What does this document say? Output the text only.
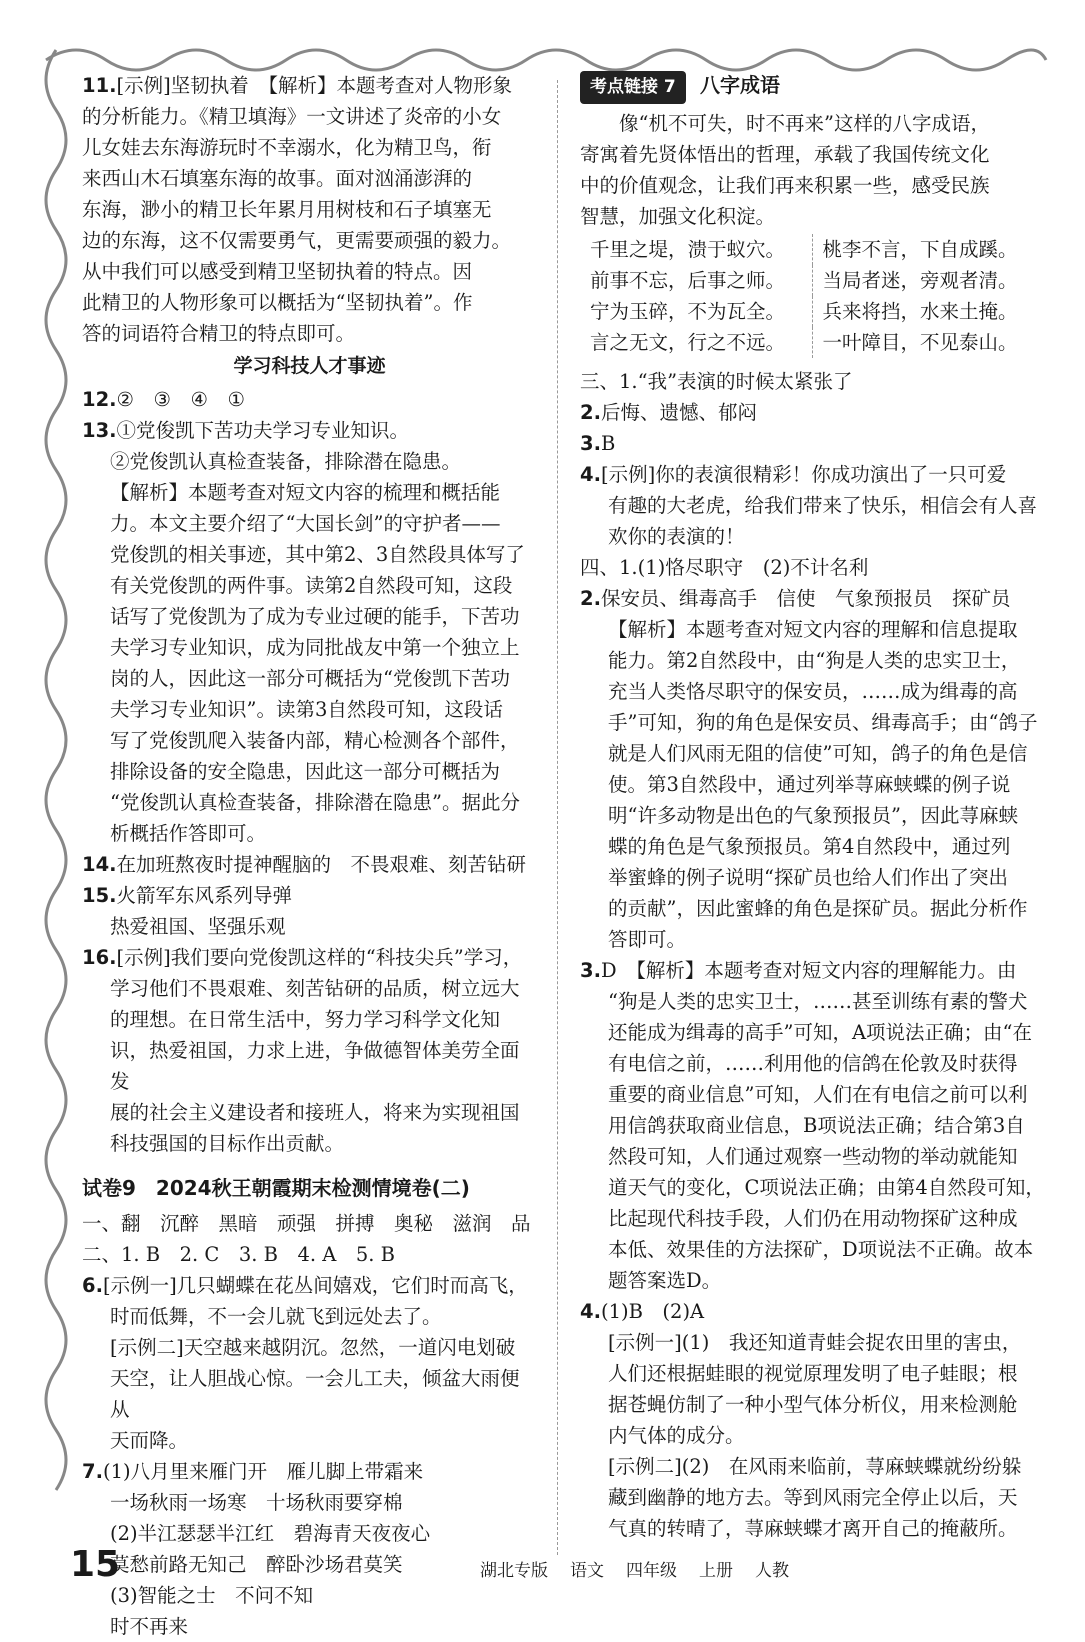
11.[示例]坚韧执着　【解析】本题考查对人物形象
的分析能力。《精卫填海》一文讲述了炎帝的小女
儿女娃去东海游玩时不幸溺水，化为精卫鸟，衔
来西山木石填塞东海的故事。面对汹涌澎湃的
东海，渺小的精卫长年累月用树枝和石子填塞无
边的东海，这不仅需要勇气，更需要顽强的毅力。
从中我们可以感受到精卫坚韧执着的特点。因
此精卫的人物形象可以概括为“坚韧执着”。作
答的词语符合精卫的特点即可。
学习科技人才事迹
12.②　③　④　①
13.①党俊凯下苦功夫学习专业知识。
②党俊凯认真检查装备，排除潜在隐患。
【解析】本题考查对短文内容的梳理和概括能
力。本文主要介绍了“大国长剑”的守护者——
党俊凯的相关事迹，其中第2、3自然段具体写了
有关党俊凯的两件事。读第2自然段可知，这段
话写了党俊凯为了成为专业过硬的能手，下苦功
夫学习专业知识，成为同批战友中第一个独立上
岗的人，因此这一部分可概括为“党俊凯下苦功
夫学习专业知识”。读第3自然段可知，这段话
写了党俊凯爬入装备内部，精心检测各个部件，
排除设备的安全隐患，因此这一部分可概括为
“党俊凯认真检查装备，排除潜在隐患”。据此分
析概括作答即可。
14.在加班熬夜时提神醒脑的　不畏艰难、刻苦钻研
15.火箭军东风系列导弹
热爱祖国、坚强乐观
16.[示例]我们要向党俊凯这样的“科技尖兵”学习，
学习他们不畏艰难、刻苦钻研的品质，树立远大
的理想。在日常生活中，努力学习科学文化知
识，热爱祖国，力求上进，争做德智体美劳全面发
展的社会主义建设者和接班人，将来为实现祖国
科技强国的目标作出贡献。
试卷9　2024秋王朝霞期末检测情境卷(二)
一、翻　沉醉　黑暗　顽强　拼搏　奥秘　滋润　品
二、1. B　2. C　3. B　4. A　5. B
6.[示例一]几只蝴蝶在花丛间嬉戏，它们时而高飞，
时而低舞，不一会儿就飞到远处去了。
[示例二]天空越来越阴沉。忽然，一道闪电划破
天空，让人胆战心惊。一会儿工夫，倾盆大雨便从
天而降。
7.(1)八月里来雁门开　雁儿脚上带霜来
一场秋雨一场寒　十场秋雨要穿棉
(2)半江瑟瑟半江红　碧海青天夜夜心
莫愁前路无知己　醉卧沙场君莫笑
(3)智能之士　不问不知
时不再来
考点链接 7 八字成语
　　像“机不可失，时不再来”这样的八字成语，
寄寓着先贤体悟出的哲理，承载了我国传统文化
中的价值观念，让我们再来积累一些，感受民族
智慧，加强文化积淀。
千里之堤，溃于蚁穴。	桃李不言，下自成蹊。
前事不忘，后事之师。	当局者迷，旁观者清。
宁为玉碎，不为瓦全。	兵来将挡，水来土掩。
言之无文，行之不远。	一叶障目，不见泰山。
三、1.“我”表演的时候太紧张了
2.后悔、遗憾、郁闷
3.B
4.[示例]你的表演很精彩！你成功演出了一只可爱
有趣的大老虎，给我们带来了快乐，相信会有人喜
欢你的表演的！
四、1.(1)恪尽职守　(2)不计名利
2.保安员、缉毒高手　信使　气象预报员　探矿员
【解析】本题考查对短文内容的理解和信息提取
能力。第2自然段中，由“狗是人类的忠实卫士，
充当人类恪尽职守的保安员，……成为缉毒的高
手”可知，狗的角色是保安员、缉毒高手；由“鸽子
就是人们风雨无阻的信使”可知，鸽子的角色是信
使。第3自然段中，通过列举荨麻蛱蝶的例子说
明“许多动物是出色的气象预报员”，因此荨麻蛱
蝶的角色是气象预报员。第4自然段中，通过列
举蜜蜂的例子说明“探矿员也给人们作出了突出
的贡献”，因此蜜蜂的角色是探矿员。据此分析作
答即可。
3.D　【解析】本题考查对短文内容的理解能力。由
“狗是人类的忠实卫士，……甚至训练有素的警犬
还能成为缉毒的高手”可知，A项说法正确；由“在
有电信之前，……利用他的信鸽在伦敦及时获得
重要的商业信息”可知，人们在有电信之前可以利
用信鸽获取商业信息，B项说法正确；结合第3自
然段可知，人们通过观察一些动物的举动就能知
道天气的变化，C项说法正确；由第4自然段可知，
比起现代科技手段，人们仍在用动物探矿这种成
本低、效果佳的方法探矿，D项说法不正确。故本
题答案选D。
4.(1)B　(2)A
[示例一](1)　我还知道青蛙会捉农田里的害虫，
人们还根据蛙眼的视觉原理发明了电子蛙眼；根
据苍蝇仿制了一种小型气体分析仪，用来检测舱
内气体的成分。
[示例二](2)　在风雨来临前，荨麻蛱蝶就纷纷躲
藏到幽静的地方去。等到风雨完全停止以后，天
气真的转晴了，荨麻蛱蝶才离开自己的掩蔽所。
15	湖北专版 语文 四年级 上册 人教
